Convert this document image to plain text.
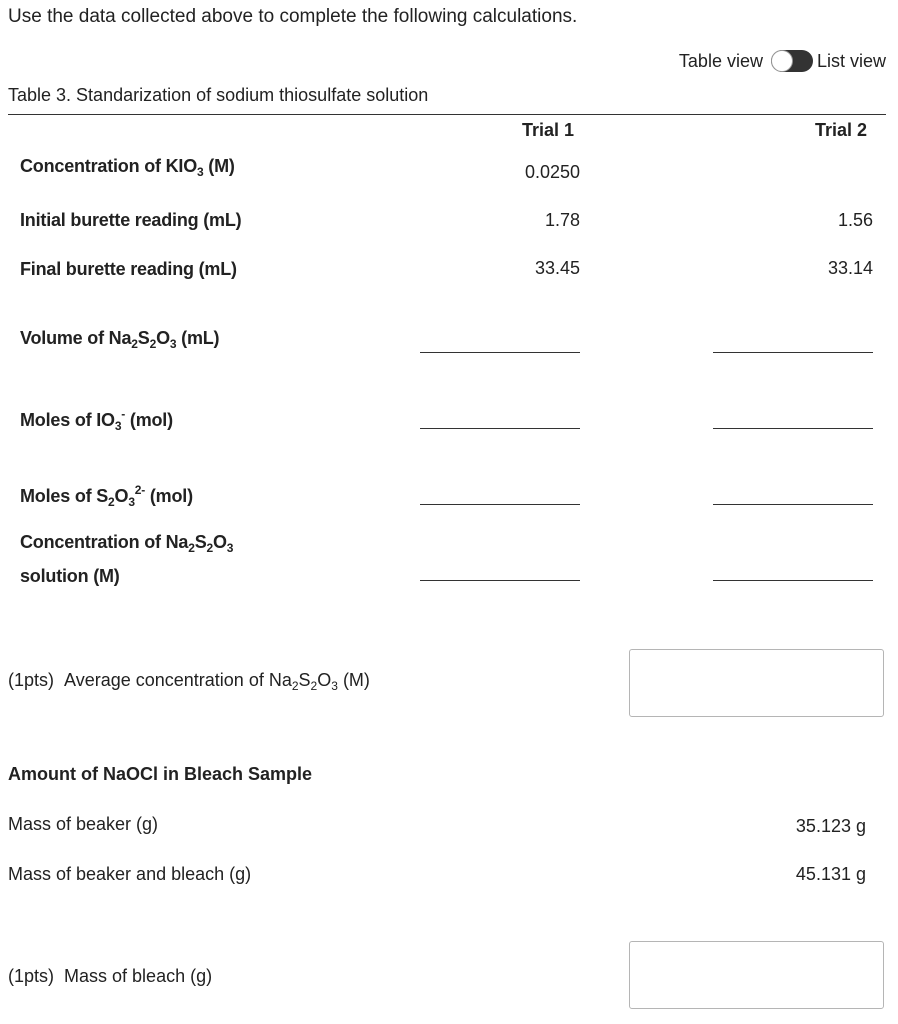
Use the data collected above to complete the following calculations.
Table view	List view
Table 3. Standarization of sodium thiosulfate solution
Trial 1	Trial 2
Concentration of $KIO_3$ (M)	0.0250
Initial burette reading (mL)	1.78	1.56
Final burette reading (mL)	33.45	33.14
Volume of $Na_2S_2O_3$ (mL)
Moles of $IO_3^-$ (mol)
Moles of $S_2O_3^{2-}$ (mol)
Concentration of $Na_2S_2O_3$
solution (M)
(1pts) Average concentration of $Na_2S_2O_3$ (M)
Amount of NaOCl in Bleach Sample
Mass of beaker (g)	35.123 g
Mass of beaker and bleach (g)	45.131 g
(1pts) Mass of bleach (g)
